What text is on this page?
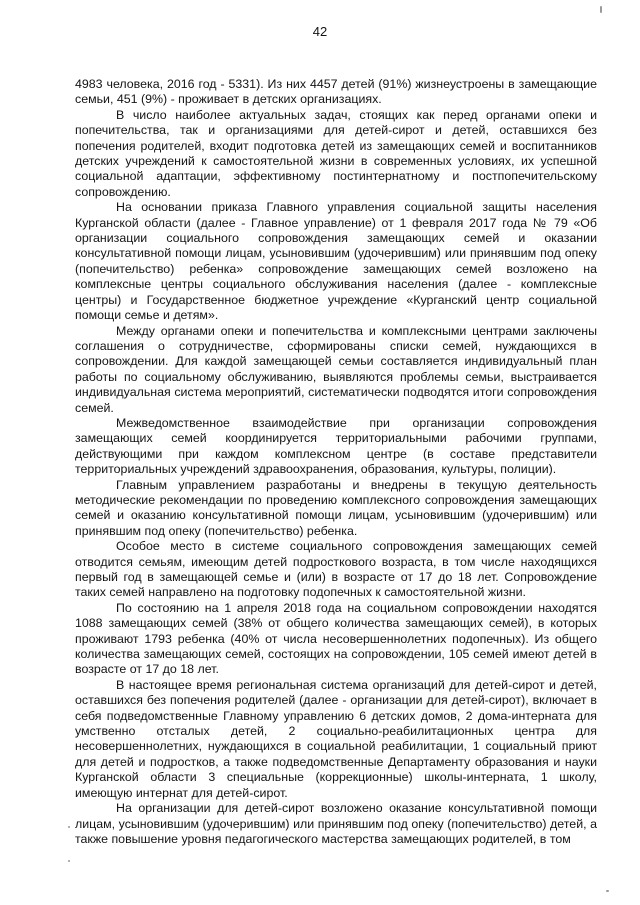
42

4983 человека, 2016 год - 5331). Из них 4457 детей (91%) жизнеустроены в замещающие семьи, 451 (9%) - проживает в детских организациях.

В число наиболее актуальных задач, стоящих как перед органами опеки и попечительства, так и организациями для детей-сирот и детей, оставшихся без попечения родителей, входит подготовка детей из замещающих семей и воспитанников детских учреждений к самостоятельной жизни в современных условиях, их успешной социальной адаптации, эффективному постинтернатному и постпопечительскому сопровождению.

На основании приказа Главного управления социальной защиты населения Курганской области (далее - Главное управление) от 1 февраля 2017 года № 79 «Об организации социального сопровождения замещающих семей и оказании консультативной помощи лицам, усыновившим (удочерившим) или принявшим под опеку (попечительство) ребенка» сопровождение замещающих семей возложено на комплексные центры социального обслуживания населения (далее - комплексные центры) и Государственное бюджетное учреждение «Курганский центр социальной помощи семье и детям».

Между органами опеки и попечительства и комплексными центрами заключены соглашения о сотрудничестве, сформированы списки семей, нуждающихся в сопровождении. Для каждой замещающей семьи составляется индивидуальный план работы по социальному обслуживанию, выявляются проблемы семьи, выстраивается индивидуальная система мероприятий, систематически подводятся итоги сопровождения семей.

Межведомственное взаимодействие при организации сопровождения замещающих семей координируется территориальными рабочими группами, действующими при каждом комплексном центре (в составе представители территориальных учреждений здравоохранения, образования, культуры, полиции).

Главным управлением разработаны и внедрены в текущую деятельность методические рекомендации по проведению комплексного сопровождения замещающих семей и оказанию консультативной помощи лицам, усыновившим (удочерившим) или принявшим под опеку (попечительство) ребенка.

Особое место в системе социального сопровождения замещающих семей отводится семьям, имеющим детей подросткового возраста, в том числе находящихся первый год в замещающей семье и (или) в возрасте от 17 до 18 лет. Сопровождение таких семей направлено на подготовку подопечных к самостоятельной жизни.

По состоянию на 1 апреля 2018 года на социальном сопровождении находятся 1088 замещающих семей (38% от общего количества замещающих семей), в которых проживают 1793 ребенка (40% от числа несовершеннолетних подопечных). Из общего количества замещающих семей, состоящих на сопровождении, 105 семей имеют детей в возрасте от 17 до 18 лет.

В настоящее время региональная система организаций для детей-сирот и детей, оставшихся без попечения родителей (далее - организации для детей-сирот), включает в себя подведомственные Главному управлению 6 детских домов, 2 дома-интерната для умственно отсталых детей, 2 социально-реабилитационных центра для несовершеннолетних, нуждающихся в социальной реабилитации, 1 социальный приют для детей и подростков, а также подведомственные Департаменту образования и науки Курганской области 3 специальные (коррекционные) школы-интерната, 1 школу, имеющую интернат для детей-сирот.

На организации для детей-сирот возложено оказание консультативной помощи лицам, усыновившим (удочерившим) или принявшим под опеку (попечительство) детей, а также повышение уровня педагогического мастерства замещающих родителей, в том
